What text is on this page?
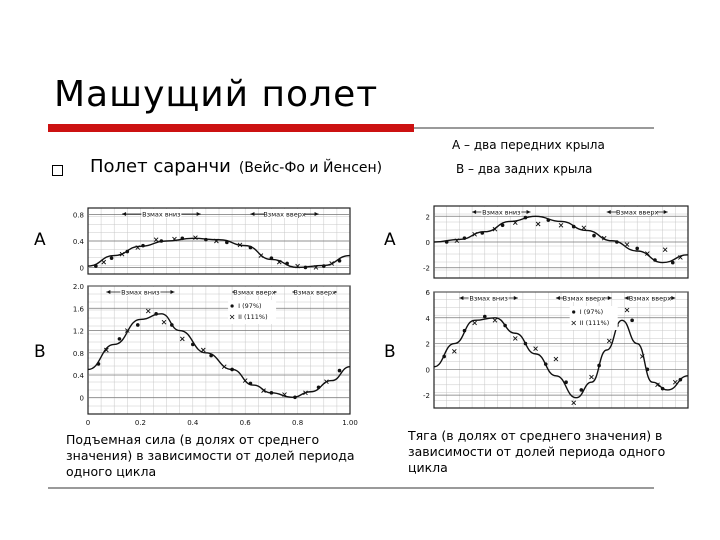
Машущий полет
Полет саранчи (Вейс-Фо и Йенсен)
А – два передних крыла
В – два задних крыла
А
В
А
В
0
0.4
0.8	Взмах вниз	Взмах вверх
2.0
1.6
1.2
0.8
0.4
0
0	0.2	0.4	0.6	0.8	1.00
Взмах вниз	Взмах вверх	Взмах вверх
I (97%)
II (111%)
2
0
-2
Взмах вниз	Взмах вверх
6
4
2
0
-2
Взмах вниз	Взмах вверх	Взмах вверх
I (97%)
II (111%)
Подъемная сила (в долях от среднего значения) в зависимости от долей периода одного цикла
Тяга (в долях от среднего значения) в зависимости от долей периода одного цикла
